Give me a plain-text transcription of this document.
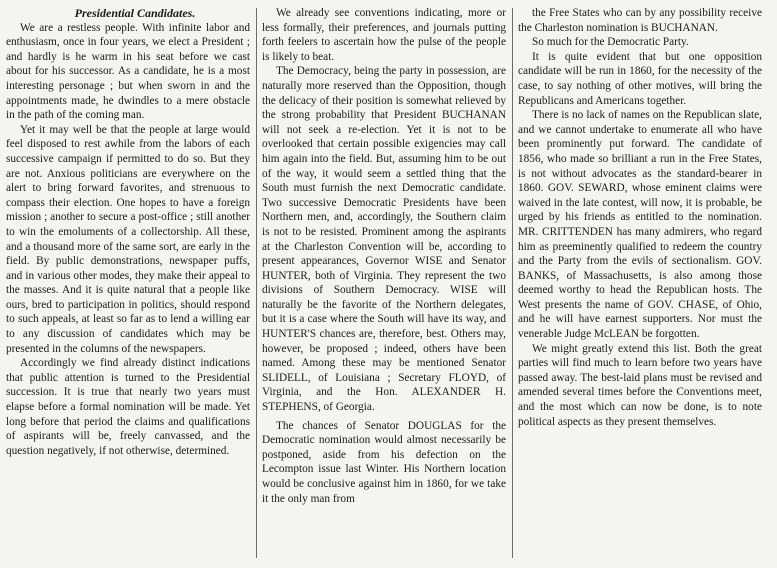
Presidential Candidates.

We are a restless people. With infinite labor and enthusiasm, once in four years, we elect a President ; and hardly is he warm in his seat before we cast about for his successor. As a candidate, he is a most interesting personage ; but when sworn in and the appointments made, he dwindles to a mere obstacle in the path of the coming man.

Yet it may well be that the people at large would feel disposed to rest awhile from the labors of each successive campaign if permitted to do so. But they are not. Anxious politicians are everywhere on the alert to bring forward favorites, and strenuous to compass their election. One hopes to have a foreign mission ; another to secure a post-office ; still another to win the emoluments of a collectorship. All these, and a thousand more of the same sort, are early in the field. By public demonstrations, newspaper puffs, and in various other modes, they make their appeal to the masses. And it is quite natural that a people like ours, bred to participation in politics, should respond to such appeals, at least so far as to lend a willing ear to any discussion of candidates which may be presented in the columns of the newspapers.

Accordingly we find already distinct indications that public attention is turned to the Presidential succession. It is true that nearly two years must elapse before a formal nomination will be made. Yet long before that period the claims and qualifications of aspirants will be, freely canvassed, and the question negatively, if not otherwise, determined.

We already see conventions indicating, more or less formally, their preferences, and journals putting forth feelers to ascertain how the pulse of the people is likely to beat.

The Democracy, being the party in possession, are naturally more reserved than the Opposition, though the delicacy of their position is somewhat relieved by the strong probability that President BUCHANAN will not seek a re-election. Yet it is not to be overlooked that certain possible exigencies may call him again into the field. But, assuming him to be out of the way, it would seem a settled thing that the South must furnish the next Democratic candidate. Two successive Democratic Presidents have been Northern men, and, accordingly, the Southern claim is not to be resisted. Prominent among the aspirants at the Charleston Convention will be, according to present appearances, Governor WISE and Senator HUNTER, both of Virginia. They represent the two divisions of Southern Democracy. WISE will naturally be the favorite of the Northern delegates, but it is a case where the South will have its way, and HUNTER'S chances are, therefore, best. Others may, however, be proposed ; indeed, others have been named. Among these may be mentioned Senator SLIDELL, of Louisiana ; Secretary FLOYD, of Virginia, and the Hon. ALEXANDER H. STEPHENS, of Georgia.

The chances of Senator DOUGLAS for the Democratic nomination would almost necessarily be postponed, aside from his defection on the Lecompton issue last Winter. His Northern location would be conclusive against him in 1860, for we take it the only man from

the Free States who can by any possibility receive the Charleston nomination is BUCHANAN.

So much for the Democratic Party.

It is quite evident that but one opposition candidate will be run in 1860, for the necessity of the case, to say nothing of other motives, will bring the Republicans and Americans together.

There is no lack of names on the Republican slate, and we cannot undertake to enumerate all who have been prominently put forward. The candidate of 1856, who made so brilliant a run in the Free States, is not without advocates as the standard-bearer in 1860. GOV. SEWARD, whose eminent claims were waived in the late contest, will now, it is probable, be urged by his friends as entitled to the nomination. MR. CRITTENDEN has many admirers, who regard him as preeminently qualified to redeem the country and the Party from the evils of sectionalism. GOV. BANKS, of Massachusetts, is also among those deemed worthy to head the Republican hosts. The West presents the name of GOV. CHASE, of Ohio, and he will have earnest supporters. Nor must the venerable Judge McLEAN be forgotten.

We might greatly extend this list. Both the great parties will find much to learn before two years have passed away. The best-laid plans must be revised and amended several times before the Conventions meet, and the most which can now be done, is to note political aspects as they present themselves.
